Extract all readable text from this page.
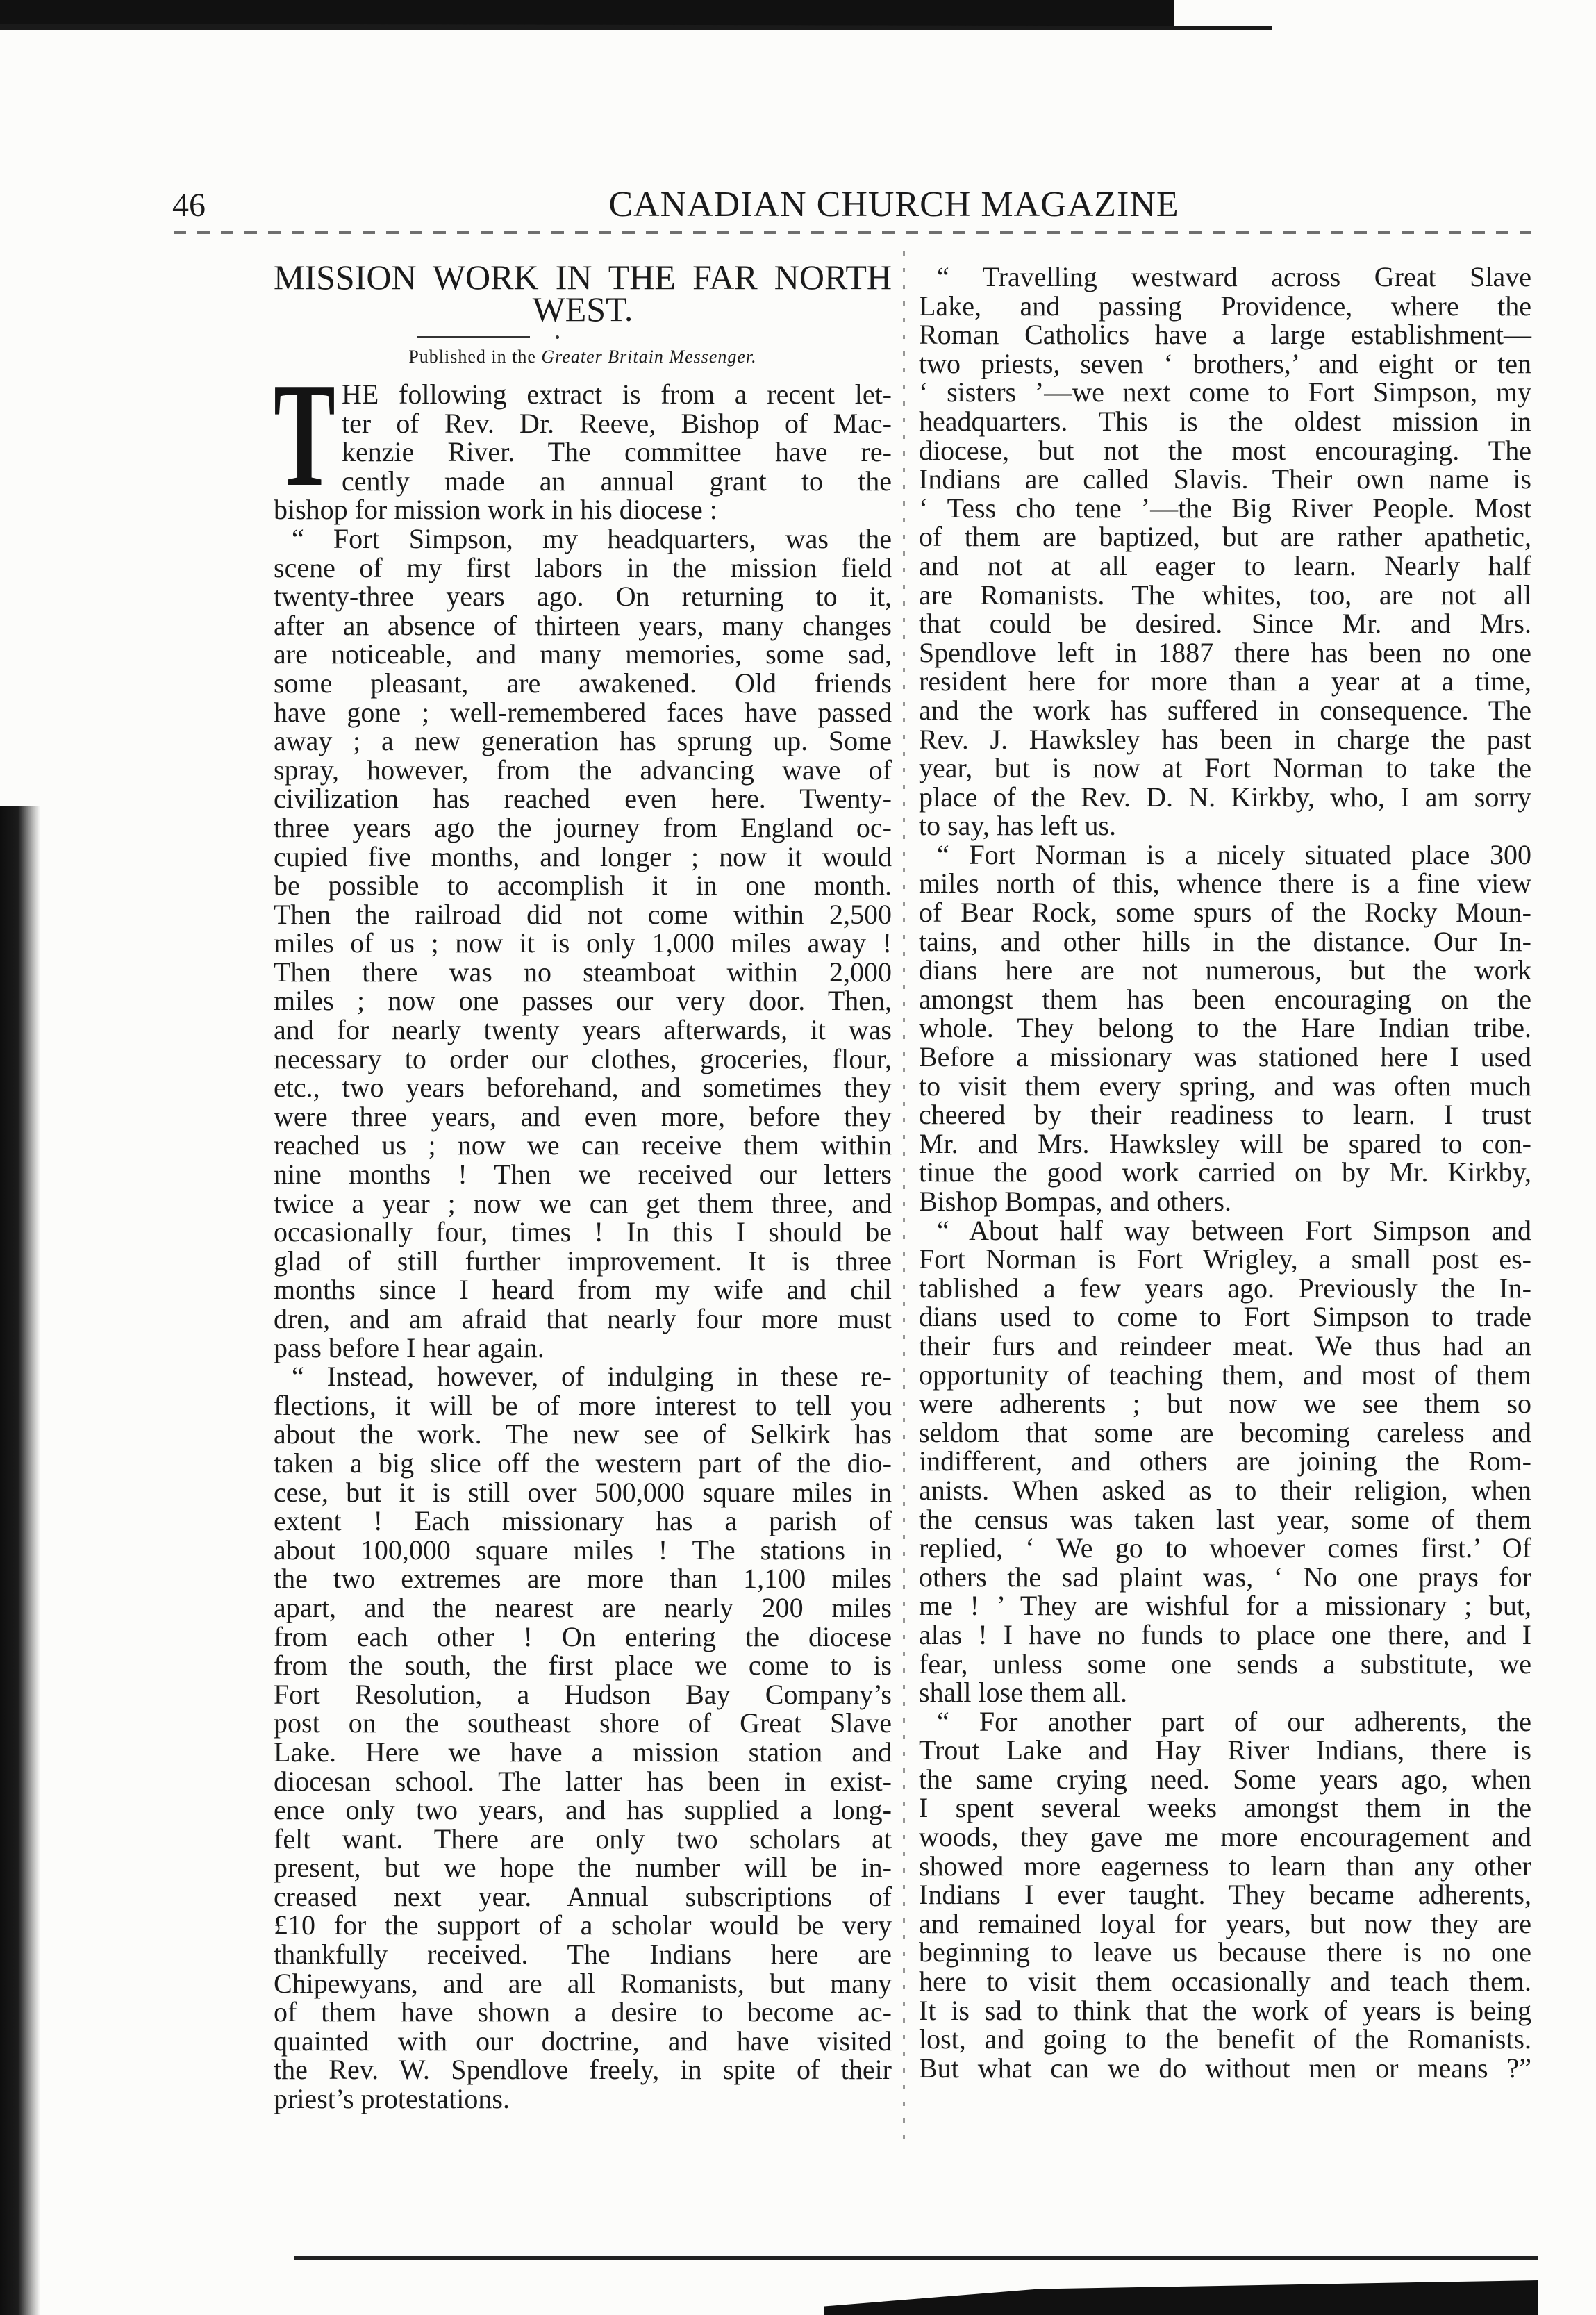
46	CANADIAN CHURCH MAGAZINE
MISSION WORK IN THE FAR NORTH
WEST.
Published in the Greater Britain Messenger.
T HE following extract is from a recent let-
ter of Rev. Dr. Reeve, Bishop of Mac-
kenzie River. The committee have re-
cently made an annual grant to the
bishop for mission work in his diocese :
“ Fort Simpson, my headquarters, was the
scene of my first labors in the mission field
twenty-three years ago. On returning to it,
after an absence of thirteen years, many changes
are noticeable, and many memories, some sad,
some pleasant, are awakened. Old friends
have gone ; well-remembered faces have passed
away ; a new generation has sprung up. Some
spray, however, from the advancing wave of
civilization has reached even here. Twenty-
three years ago the journey from England oc-
cupied five months, and longer ; now it would
be possible to accomplish it in one month.
Then the railroad did not come within 2,500
miles of us ; now it is only 1,000 miles away !
Then there was no steamboat within 2,000
miles ; now one passes our very door. Then,
and for nearly twenty years afterwards, it was
necessary to order our clothes, groceries, flour,
etc., two years beforehand, and sometimes they
were three years, and even more, before they
reached us ; now we can receive them within
nine months ! Then we received our letters
twice a year ; now we can get them three, and
occasionally four, times ! In this I should be
glad of still further improvement. It is three
months since I heard from my wife and chil
dren, and am afraid that nearly four more must
pass before I hear again.
“ Instead, however, of indulging in these re-
flections, it will be of more interest to tell you
about the work. The new see of Selkirk has
taken a big slice off the western part of the dio-
cese, but it is still over 500,000 square miles in
extent ! Each missionary has a parish of
about 100,000 square miles ! The stations in
the two extremes are more than 1,100 miles
apart, and the nearest are nearly 200 miles
from each other ! On entering the diocese
from the south, the first place we come to is
Fort Resolution, a Hudson Bay Company’s
post on the southeast shore of Great Slave
Lake. Here we have a mission station and
diocesan school. The latter has been in exist-
ence only two years, and has supplied a long-
felt want. There are only two scholars at
present, but we hope the number will be in-
creased next year. Annual subscriptions of
£10 for the support of a scholar would be very
thankfully received. The Indians here are
Chipewyans, and are all Romanists, but many
of them have shown a desire to become ac-
quainted with our doctrine, and have visited
the Rev. W. Spendlove freely, in spite of their
priest’s protestations.
“ Travelling westward across Great Slave
Lake, and passing Providence, where the
Roman Catholics have a large establishment—
two priests, seven ‘ brothers,’ and eight or ten
‘ sisters ’—we next come to Fort Simpson, my
headquarters. This is the oldest mission in
diocese, but not the most encouraging. The
Indians are called Slavis. Their own name is
‘ Tess cho tene ’—the Big River People. Most
of them are baptized, but are rather apathetic,
and not at all eager to learn. Nearly half
are Romanists. The whites, too, are not all
that could be desired. Since Mr. and Mrs.
Spendlove left in 1887 there has been no one
resident here for more than a year at a time,
and the work has suffered in consequence. The
Rev. J. Hawksley has been in charge the past
year, but is now at Fort Norman to take the
place of the Rev. D. N. Kirkby, who, I am sorry
to say, has left us.
“ Fort Norman is a nicely situated place 300
miles north of this, whence there is a fine view
of Bear Rock, some spurs of the Rocky Moun-
tains, and other hills in the distance. Our In-
dians here are not numerous, but the work
amongst them has been encouraging on the
whole. They belong to the Hare Indian tribe.
Before a missionary was stationed here I used
to visit them every spring, and was often much
cheered by their readiness to learn. I trust
Mr. and Mrs. Hawksley will be spared to con-
tinue the good work carried on by Mr. Kirkby,
Bishop Bompas, and others.
“ About half way between Fort Simpson and
Fort Norman is Fort Wrigley, a small post es-
tablished a few years ago. Previously the In-
dians used to come to Fort Simpson to trade
their furs and reindeer meat. We thus had an
opportunity of teaching them, and most of them
were adherents ; but now we see them so
seldom that some are becoming careless and
indifferent, and others are joining the Rom-
anists. When asked as to their religion, when
the census was taken last year, some of them
replied, ‘ We go to whoever comes first.’ Of
others the sad plaint was, ‘ No one prays for
me ! ’ They are wishful for a missionary ; but,
alas ! I have no funds to place one there, and I
fear, unless some one sends a substitute, we
shall lose them all.
“ For another part of our adherents, the
Trout Lake and Hay River Indians, there is
the same crying need. Some years ago, when
I spent several weeks amongst them in the
woods, they gave me more encouragement and
showed more eagerness to learn than any other
Indians I ever taught. They became adherents,
and remained loyal for years, but now they are
beginning to leave us because there is no one
here to visit them occasionally and teach them.
It is sad to think that the work of years is being
lost, and going to the benefit of the Romanists.
But what can we do without men or means ?”
